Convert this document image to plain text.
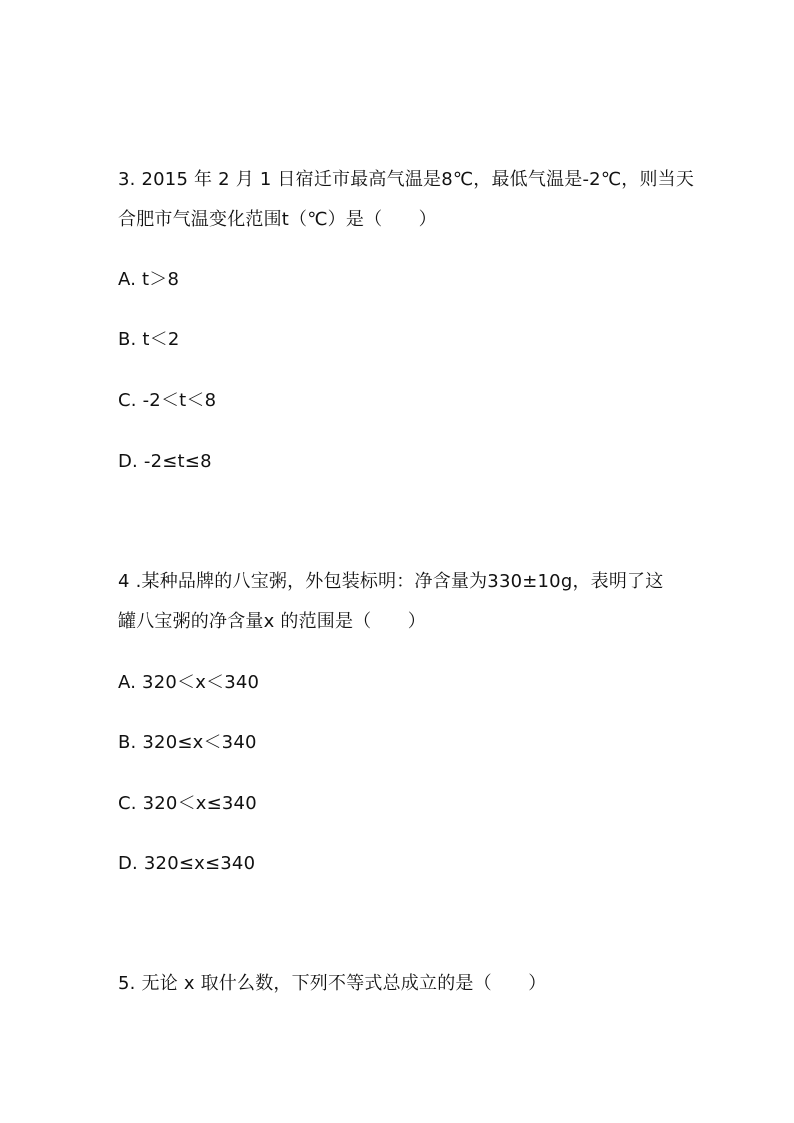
3. 2015 年 2 月 1 日宿迁市最高气温是8℃，最低气温是-2℃，则当天
合肥市气温变化范围t（℃）是（　　）
A. t＞8
B. t＜2
C. -2＜t＜8
D. -2≤t≤8
4 .某种品牌的八宝粥，外包装标明：净含量为330±10g，表明了这
罐八宝粥的净含量x 的范围是（　　）
A. 320＜x＜340
B. 320≤x＜340
C. 320＜x≤340
D. 320≤x≤340
5. 无论 x 取什么数，下列不等式总成立的是（　　）
